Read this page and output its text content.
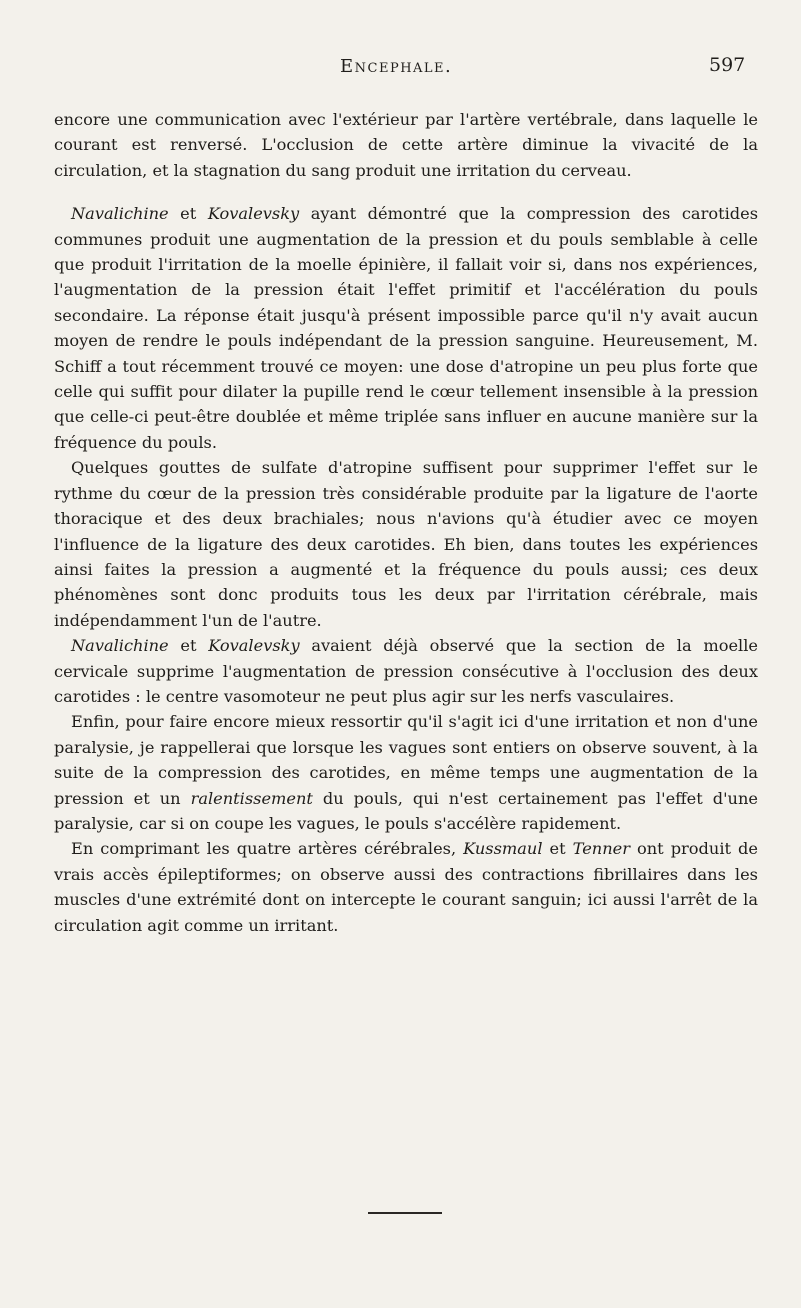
Encephale.	597

encore une communication avec l'extérieur par l'artère vertébrale, dans laquelle le courant est renversé. L'occlusion de cette artère diminue la vivacité de la circulation, et la stagnation du sang produit une irritation du cerveau.

Navalichine et Kovalevsky ayant démontré que la compression des carotides communes produit une augmentation de la pression et du pouls semblable à celle que produit l'irritation de la moelle épinière, il fallait voir si, dans nos expériences, l'augmentation de la pression était l'effet primitif et l'accélération du pouls secondaire. La réponse était jusqu'à présent impossible parce qu'il n'y avait aucun moyen de rendre le pouls indépendant de la pression sanguine. Heureusement, M. Schiff a tout récemment trouvé ce moyen: une dose d'atropine un peu plus forte que celle qui suffit pour dilater la pupille rend le cœur tellement insensible à la pression que celle-ci peut-être doublée et même triplée sans influer en aucune manière sur la fréquence du pouls.

Quelques gouttes de sulfate d'atropine suffisent pour supprimer l'effet sur le rythme du cœur de la pression très considérable produite par la ligature de l'aorte thoracique et des deux brachiales; nous n'avions qu'à étudier avec ce moyen l'influence de la ligature des deux carotides. Eh bien, dans toutes les expériences ainsi faites la pression a augmenté et la fréquence du pouls aussi; ces deux phénomènes sont donc produits tous les deux par l'irritation cérébrale, mais indépendamment l'un de l'autre.

Navalichine et Kovalevsky avaient déjà observé que la section de la moelle cervicale supprime l'augmentation de pression consécutive à l'occlusion des deux carotides : le centre vasomoteur ne peut plus agir sur les nerfs vasculaires.

Enfin, pour faire encore mieux ressortir qu'il s'agit ici d'une irritation et non d'une paralysie, je rappellerai que lorsque les vagues sont entiers on observe souvent, à la suite de la compression des carotides, en même temps une augmentation de la pression et un ralentissement du pouls, qui n'est certainement pas l'effet d'une paralysie, car si on coupe les vagues, le pouls s'accélère rapidement.

En comprimant les quatre artères cérébrales, Kussmaul et Tenner ont produit de vrais accès épileptiformes; on observe aussi des contractions fibrillaires dans les muscles d'une extrémité dont on intercepte le courant sanguin; ici aussi l'arrêt de la circulation agit comme un irritant.
